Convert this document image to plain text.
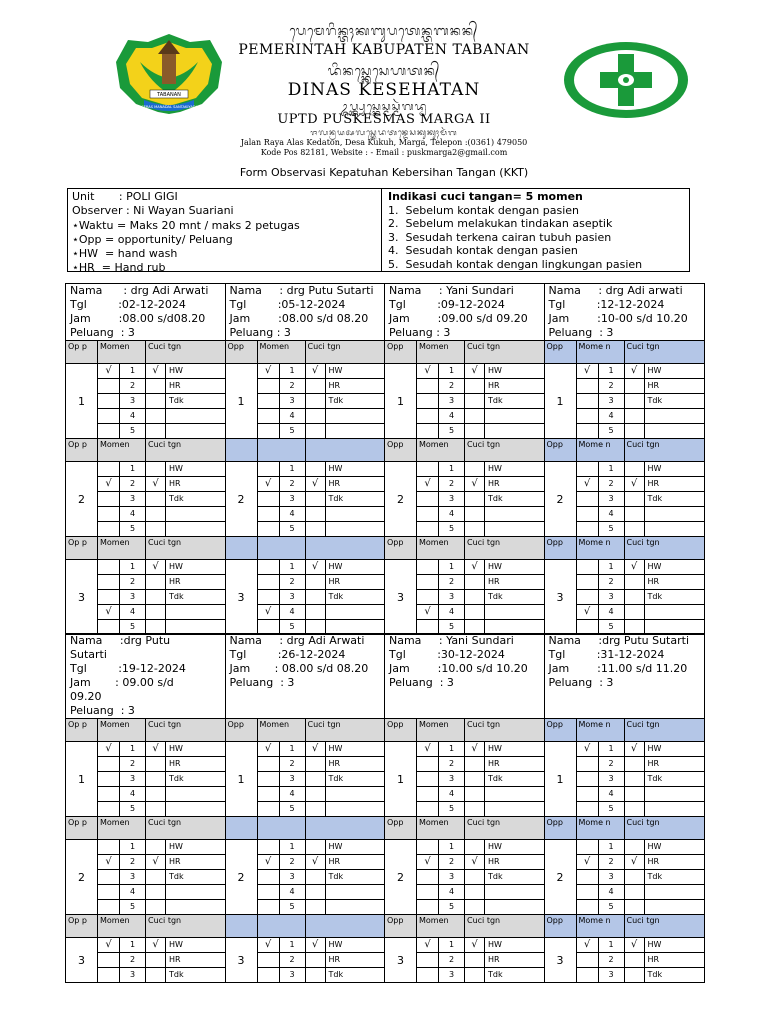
TABANAN
SERAS MANADAL SANTAKIYADI
ᬧᬾᬫᬾᬭᬶᬦ᭄ᬢᬄᬓᬩᬸᬧᬢᬾᬦ᭄ᬢᬩᬦᬦ᭄
PEMERINTAH KABUPATEN TABANAN
ᬤᬶᬦᬲ᭄ᬓᬾᬲᬾᬳᬢᬦ᭄
DINAS KESEHATAN
ᬉᬧ᭄ᬢ᭄ᬤ᭄ᬧᬸᬲ᭄ᬓᬾᬲ᭄ᬫᬲ᭄ᬫᬃᬕᬤ᭄ᬯ
UPTD PUSKESMAS MARGA II
ᬚᬮᬦ᭄ᬭᬬᬅᬮᬲ᭄ᬓᬾᬤᬢᬦ᭄ᬤᬾᬲᬓᬸᬓᬸᬄᬫᬃᬕ
Jalan Raya Alas Kedaton, Desa Kukuh, Marga, Telepon :(0361) 479050
Kode Pos 82181, Website : - Email : puskmarga2@gmail.com
Form Observasi Kepatuhan Kebersihan Tangan (KKT)
Unit       : POLI GIGI
Observer : Ni Wayan Suariani
⋆Waktu = Maks 20 mnt / maks 2 petugas
⋆Opp = opportunity/ Peluang
⋆HW  = hand wash
⋆HR  = Hand rub
Indikasi cuci tangan= 5 momen
1.  Sebelum kontak dengan pasien
2.  Sebelum melakukan tindakan aseptik
3.  Sesudah terkena cairan tubuh pasien
4.  Sesudah kontak dengan pasien
5.  Sesudah kontak dengan lingkungan pasien
Nama      : drg Adi Arwati
Tgl         :02-12-2024
Jam        :08.00 s/d08.20
Peluang  : 3
Nama     : drg Putu Sutarti
Tgl         :05-12-2024
Jam        :08.00 s/d 08.20
Peluang : 3
Nama     : Yani Sundari
Tgl         :09-12-2024
Jam        :09.00 s/d 09.20
Peluang : 3
Nama     : drg Adi arwati
Tgl         :12-12-2024
Jam        :10-00 s/d 10.20
Peluang  : 3
Op p	Momen	Cuci tgn
1
√	1	√	HW
2	HR
3	Tdk
4
5
Op p	Momen	Cuci tgn
2
1	HW
√	2	√	HR
3	Tdk
4
5
Op p	Momen	Cuci tgn
3
1	√	HW
2	HR
3	Tdk
√	4
5
Opp	Momen	Cuci tgn
1
√	1	√	HW
2	HR
3	Tdk
4
5
2
1	HW
√	2	√	HR
3	Tdk
4
5
3
1	√	HW
2	HR
3	Tdk
√	4
5
Opp	Momen	Cuci tgn
1
√	1	√	HW
2	HR
3	Tdk
4
5
Opp	Momen	Cuci tgn
2
1	HW
√	2	√	HR
3	Tdk
4
5
Opp	Momen	Cuci tgn
3
1	√	HW
2	HR
3	Tdk
√	4
5
Opp	Mome n	Cuci tgn
1
√	1	√	HW
2	HR
3	Tdk
4
5
Opp	Mome n	Cuci tgn
2
1	HW
√	2	√	HR
3	Tdk
4
5
Opp	Mome n	Cuci tgn
3
1	√	HW
2	HR
3	Tdk
√	4
5
Nama     :drg Putu
Sutarti
Tgl         :19-12-2024
Jam       : 09.00 s/d
09.20
Peluang  : 3
Nama     : drg Adi Arwati
Tgl         :26-12-2024
Jam       : 08.00 s/d 08.20
Peluang  : 3
Nama     : Yani Sundari
Tgl         :30-12-2024
Jam        :10.00 s/d 10.20
Peluang  : 3
Nama     :drg Putu Sutarti
Tgl         :31-12-2024
Jam        :11.00 s/d 11.20
Peluang  : 3
Op p	Momen	Cuci tgn
1
√	1	√	HW
2	HR
3	Tdk
4
5
Op p	Momen	Cuci tgn
2
1	HW
√	2	√	HR
3	Tdk
4
5
Op p	Momen	Cuci tgn
3
√	1	√	HW
2	HR
3	Tdk
Opp	Momen	Cuci tgn
1
√	1	√	HW
2	HR
3	Tdk
4
5
2
1	HW
√	2	√	HR
3	Tdk
4
5
3
√	1	√	HW
2	HR
3	Tdk
Opp	Momen	Cuci tgn
1
√	1	√	HW
2	HR
3	Tdk
4
5
Opp	Momen	Cuci tgn
2
1	HW
√	2	√	HR
3	Tdk
4
5
Opp	Momen	Cuci tgn
3
√	1	√	HW
2	HR
3	Tdk
Opp	Mome n	Cuci tgn
1
√	1	√	HW
2	HR
3	Tdk
4
5
Opp	Mome n	Cuci tgn
2
1	HW
√	2	√	HR
3	Tdk
4
5
Opp	Mome n	Cuci tgn
3
√	1	√	HW
2	HR
3	Tdk
